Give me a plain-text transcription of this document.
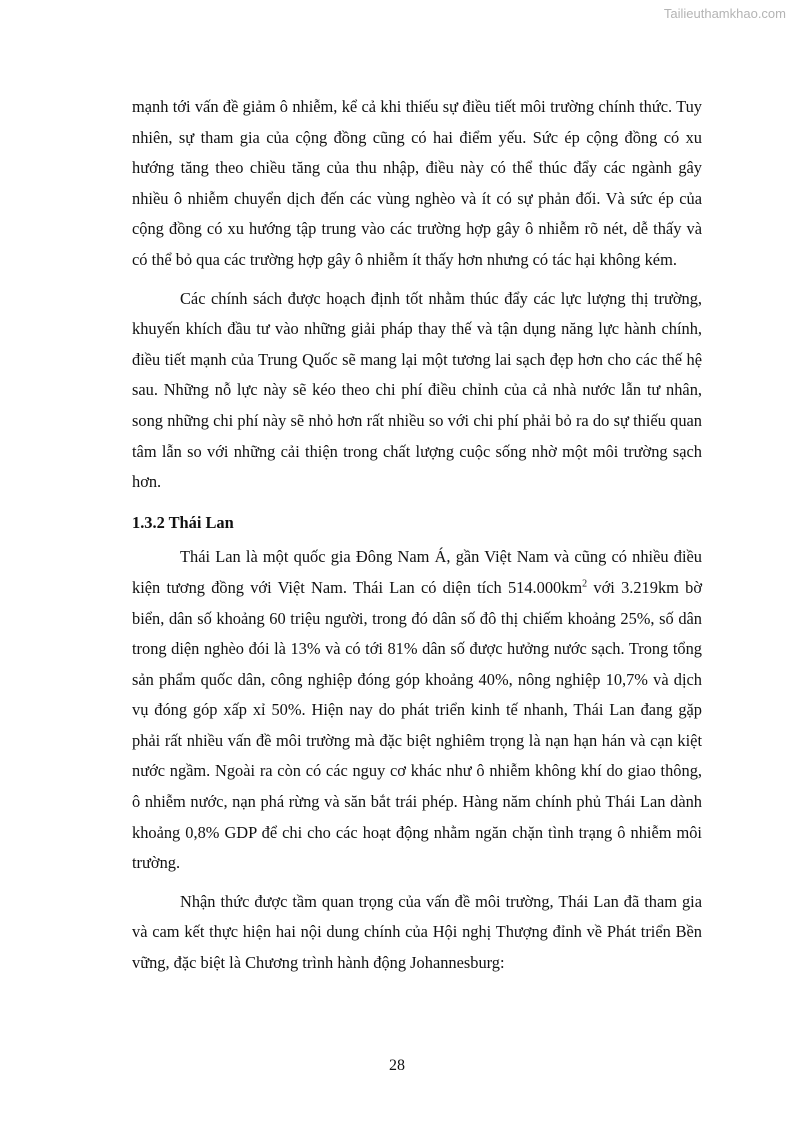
Tailieuthamkhao.com

mạnh tới vấn đề giảm ô nhiễm, kể cả khi thiếu sự điều tiết môi trường chính thức. Tuy nhiên, sự tham gia của cộng đồng cũng có hai điểm yếu. Sức ép cộng đồng có xu hướng tăng theo chiều tăng của thu nhập, điều này có thể thúc đẩy các ngành gây nhiều ô nhiễm chuyển dịch đến các vùng nghèo và ít có sự phản đối. Và sức ép của cộng đồng có xu hướng tập trung vào các trường hợp gây ô nhiễm rõ nét, dễ thấy và có thể bỏ qua các trường hợp gây ô nhiễm ít thấy hơn nhưng có tác hại không kém.

Các chính sách được hoạch định tốt nhằm thúc đẩy các lực lượng thị trường, khuyến khích đầu tư vào những giải pháp thay thế và tận dụng năng lực hành chính, điều tiết mạnh của Trung Quốc sẽ mang lại một tương lai sạch đẹp hơn cho các thế hệ sau. Những nỗ lực này sẽ kéo theo chi phí điều chỉnh của cả nhà nước lẫn tư nhân, song những chi phí này sẽ nhỏ hơn rất nhiều so với chi phí phải bỏ ra do sự thiếu quan tâm lẫn so với những cải thiện trong chất lượng cuộc sống nhờ một môi trường sạch hơn.

1.3.2 Thái Lan

Thái Lan là một quốc gia Đông Nam Á, gần Việt Nam và cũng có nhiều điều kiện tương đồng với Việt Nam. Thái Lan có diện tích $514.000km^2$ với 3.219km bờ biển, dân số khoảng 60 triệu người, trong đó dân số đô thị chiếm khoảng 25%, số dân trong diện nghèo đói là 13% và có tới 81% dân số được hưởng nước sạch. Trong tổng sản phẩm quốc dân, công nghiệp đóng góp khoảng 40%, nông nghiệp 10,7% và dịch vụ đóng góp xấp xỉ 50%. Hiện nay do phát triển kinh tế nhanh, Thái Lan đang gặp phải rất nhiều vấn đề môi trường mà đặc biệt nghiêm trọng là nạn hạn hán và cạn kiệt nước ngầm. Ngoài ra còn có các nguy cơ khác như ô nhiễm không khí do giao thông, ô nhiễm nước, nạn phá rừng và săn bắt trái phép. Hàng năm chính phủ Thái Lan dành khoảng 0,8% GDP để chi cho các hoạt động nhằm ngăn chặn tình trạng ô nhiễm môi trường.

Nhận thức được tầm quan trọng của vấn đề môi trường, Thái Lan đã tham gia và cam kết thực hiện hai nội dung chính của Hội nghị Thượng đỉnh về Phát triển Bền vững, đặc biệt là Chương trình hành động Johannesburg:

28
